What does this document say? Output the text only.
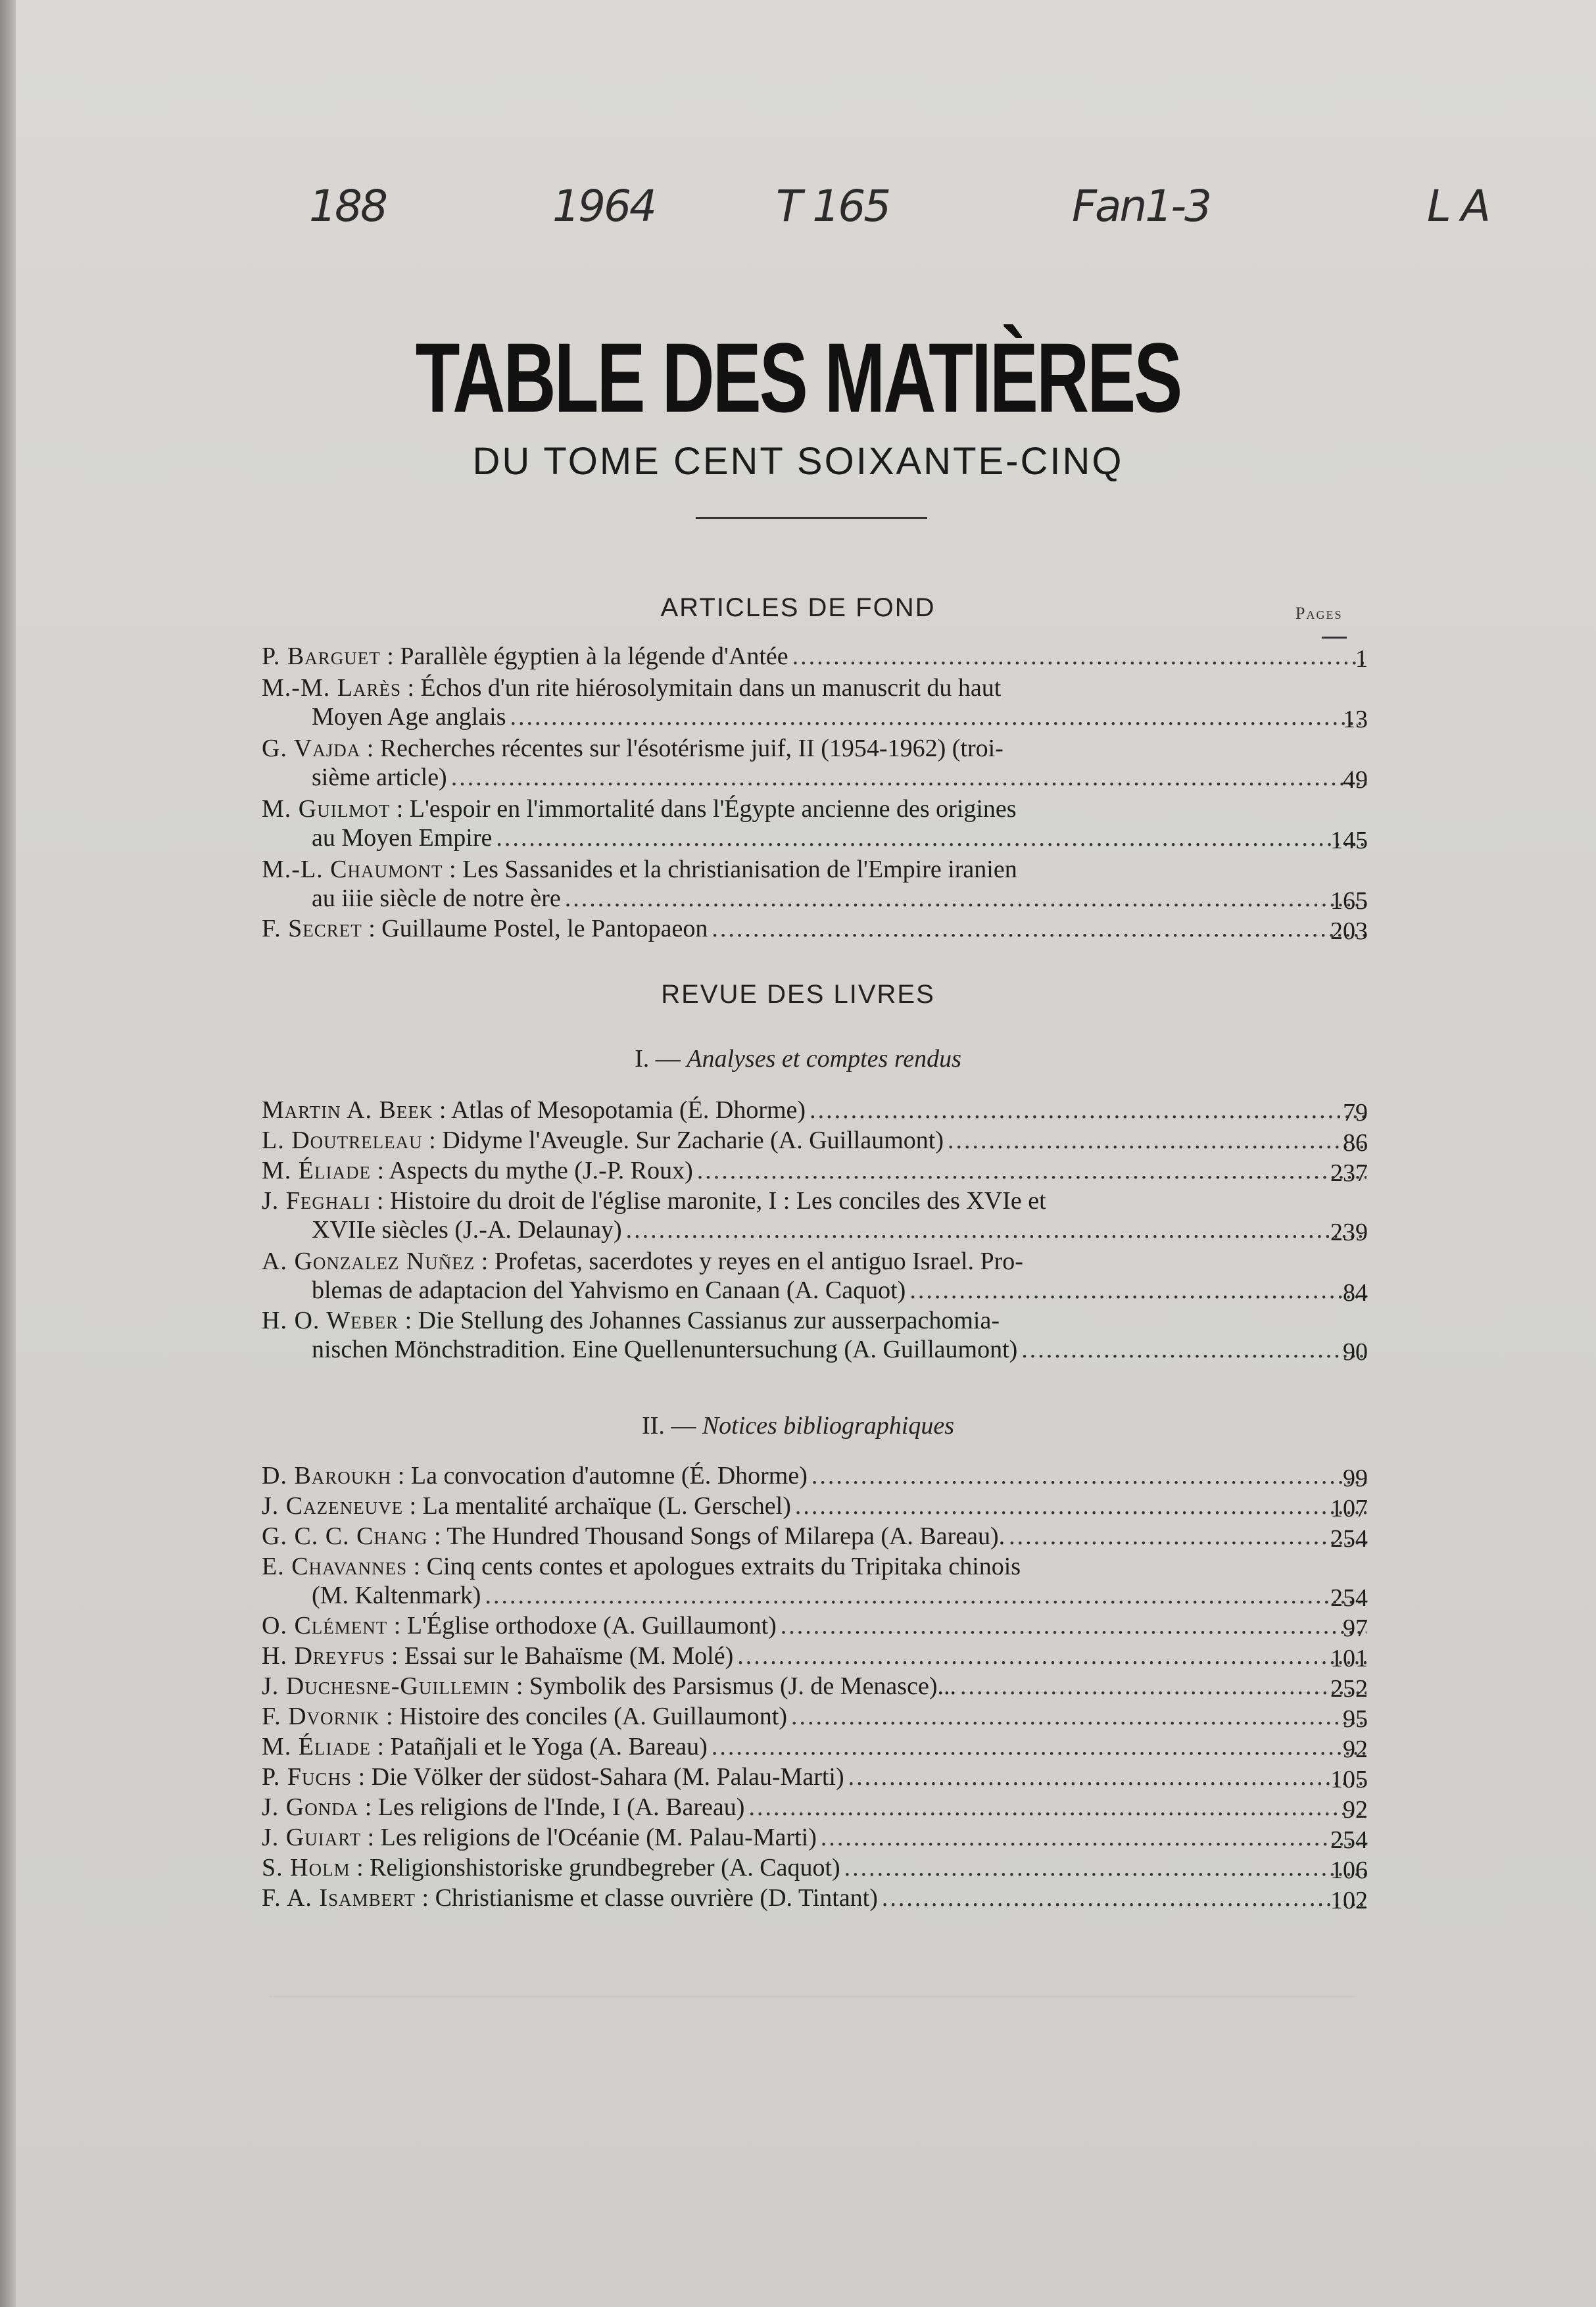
188	1964	T 165	Fan1-3	L A
TABLE DES MATIÈRES
DU TOME CENT SOIXANTE-CINQ
ARTICLES DE FOND	Pages
P. Barguet : Parallèle égyptien à la légende d'Antée .....	1
M.-M. Larès : Échos d'un rite hiérosolymitain dans un manuscrit du haut
Moyen Age anglais .....	13
G. Vajda : Recherches récentes sur l'ésotérisme juif, II (1954-1962) (troi-
sième article) .....	49
M. Guilmot : L'espoir en l'immortalité dans l'Égypte ancienne des origines
au Moyen Empire .....	145
M.-L. Chaumont : Les Sassanides et la christianisation de l'Empire iranien
au iiie siècle de notre ère .....	165
F. Secret : Guillaume Postel, le Pantopaeon .....	203
REVUE DES LIVRES
I. — Analyses et comptes rendus
Martin A. Beek : Atlas of Mesopotamia (É. Dhorme) .....	79
L. Doutreleau : Didyme l'Aveugle. Sur Zacharie (A. Guillaumont) .....	86
M. Éliade : Aspects du mythe (J.-P. Roux) .....	237
J. Feghali : Histoire du droit de l'église maronite, I : Les conciles des XVIe et
XVIIe siècles (J.-A. Delaunay) .....	239
A. Gonzalez Nuñez : Profetas, sacerdotes y reyes en el antiguo Israel. Pro-
blemas de adaptacion del Yahvismo en Canaan (A. Caquot) .....	84
H. O. Weber : Die Stellung des Johannes Cassianus zur ausserpachomia-
nischen Mönchstradition. Eine Quellenuntersuchung (A. Guillaumont) .....	90
II. — Notices bibliographiques
D. Baroukh : La convocation d'automne (É. Dhorme) .....	99
J. Cazeneuve : La mentalité archaïque (L. Gerschel) .....	107
G. C. C. Chang : The Hundred Thousand Songs of Milarepa (A. Bareau). .....	254
E. Chavannes : Cinq cents contes et apologues extraits du Tripitaka chinois
(M. Kaltenmark) .....	254
O. Clément : L'Église orthodoxe (A. Guillaumont) .....	97
H. Dreyfus : Essai sur le Bahaïsme (M. Molé) .....	101
J. Duchesne-Guillemin : Symbolik des Parsismus (J. de Menasce)... .....	252
F. Dvornik : Histoire des conciles (A. Guillaumont) .....	95
M. Éliade : Patañjali et le Yoga (A. Bareau) .....	92
P. Fuchs : Die Völker der südost-Sahara (M. Palau-Marti) .....	105
J. Gonda : Les religions de l'Inde, I (A. Bareau) .....	92
J. Guiart : Les religions de l'Océanie (M. Palau-Marti) .....	254
S. Holm : Religionshistoriske grundbegreber (A. Caquot) .....	106
F. A. Isambert : Christianisme et classe ouvrière (D. Tintant) .....	102
